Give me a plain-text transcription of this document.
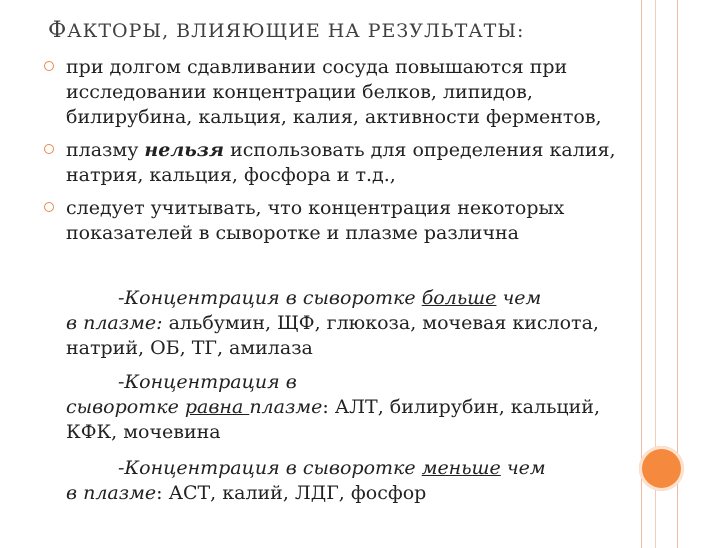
ФАКТОРЫ, ВЛИЯЮЩИЕ НА РЕЗУЛЬТАТЫ:
при долгом сдавливании сосуда повышаются при исследовании концентрации белков, липидов, билирубина, кальция, калия, активности ферментов,
плазму нельзя использовать для определения калия, натрия, кальция, фосфора и т.д.,
следует учитывать, что концентрация некоторых показателей в сыворотке и плазме различна
-Концентрация в сыворотке больше чем
в плазме: альбумин, ЩФ, глюкоза, мочевая кислота, натрий, ОБ, ТГ, амилаза
-Концентрация в
сыворотке равна плазме: АЛТ, билирубин, кальций, КФК, мочевина
-Концентрация в сыворотке меньше чем
в плазме: АСТ, калий, ЛДГ, фосфор
